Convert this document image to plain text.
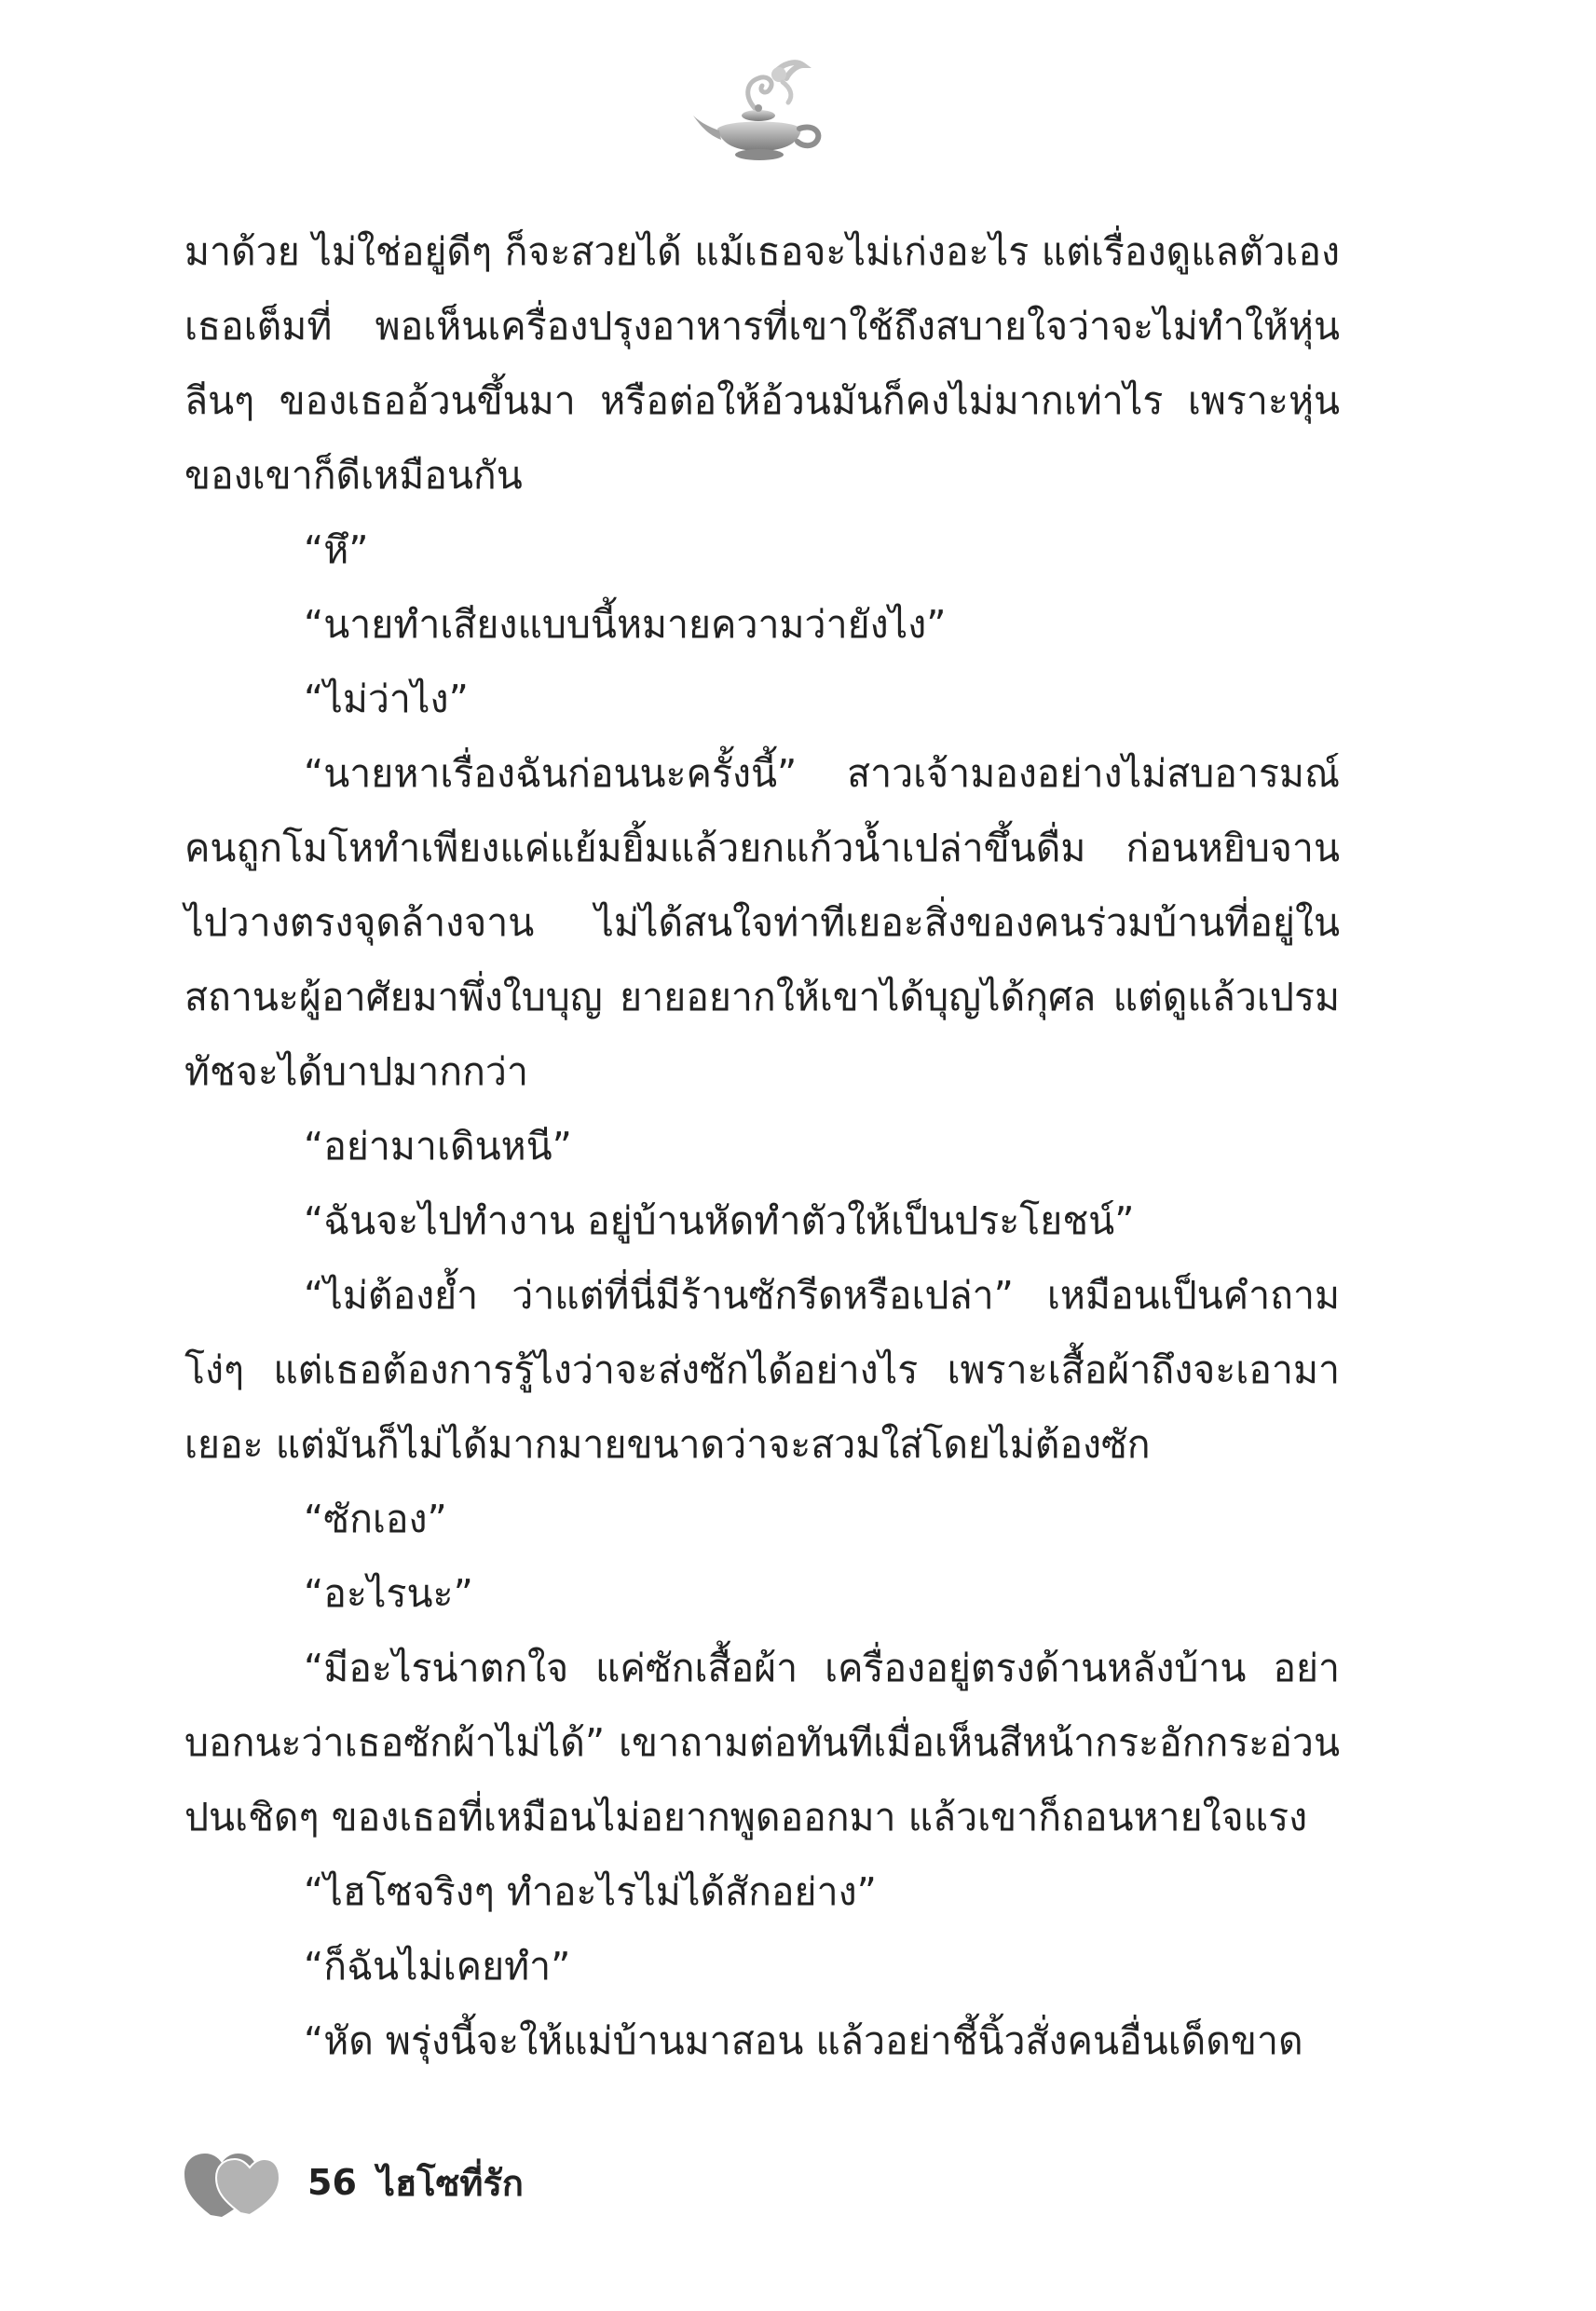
มาด้วย ไม่ใช่อยู่ดีๆ ก็จะสวยได้ แม้เธอจะไม่เก่งอะไร แต่เรื่องดูแลตัวเองเธอเต็มที่ พอเห็นเครื่องปรุงอาหารที่เขาใช้ถึงสบายใจว่าจะไม่ทำให้หุ่นลีนๆ ของเธออ้วนขึ้นมา หรือต่อให้อ้วนมันก็คงไม่มากเท่าไร เพราะหุ่นของเขาก็ดีเหมือนกัน

“หึ”

“นายทำเสียงแบบนี้หมายความว่ายังไง”

“ไม่ว่าไง”

“นายหาเรื่องฉันก่อนนะครั้งนี้” สาวเจ้ามองอย่างไม่สบอารมณ์ คนถูกโมโหทำเพียงแค่แย้มยิ้มแล้วยกแก้วน้ำเปล่าขึ้นดื่ม ก่อนหยิบจานไปวางตรงจุดล้างจาน ไม่ได้สนใจท่าทีเยอะสิ่งของคนร่วมบ้านที่อยู่ในสถานะผู้อาศัยมาพึ่งใบบุญ ยายอยากให้เขาได้บุญได้กุศล แต่ดูแล้วเปรมทัชจะได้บาปมากกว่า

“อย่ามาเดินหนี”

“ฉันจะไปทำงาน อยู่บ้านหัดทำตัวให้เป็นประโยชน์”

“ไม่ต้องย้ำ ว่าแต่ที่นี่มีร้านซักรีดหรือเปล่า” เหมือนเป็นคำถามโง่ๆ แต่เธอต้องการรู้ไงว่าจะส่งซักได้อย่างไร เพราะเสื้อผ้าถึงจะเอามาเยอะ แต่มันก็ไม่ได้มากมายขนาดว่าจะสวมใส่โดยไม่ต้องซัก

“ซักเอง”

“อะไรนะ”

“มีอะไรน่าตกใจ แค่ซักเสื้อผ้า เครื่องอยู่ตรงด้านหลังบ้าน อย่าบอกนะว่าเธอซักผ้าไม่ได้” เขาถามต่อทันทีเมื่อเห็นสีหน้ากระอักกระอ่วนปนเชิดๆ ของเธอที่เหมือนไม่อยากพูดออกมา แล้วเขาก็ถอนหายใจแรง

“ไฮโซจริงๆ ทำอะไรไม่ได้สักอย่าง”

“ก็ฉันไม่เคยทำ”

“หัด พรุ่งนี้จะให้แม่บ้านมาสอน แล้วอย่าชี้นิ้วสั่งคนอื่นเด็ดขาด

56 ไฮโซที่รัก
